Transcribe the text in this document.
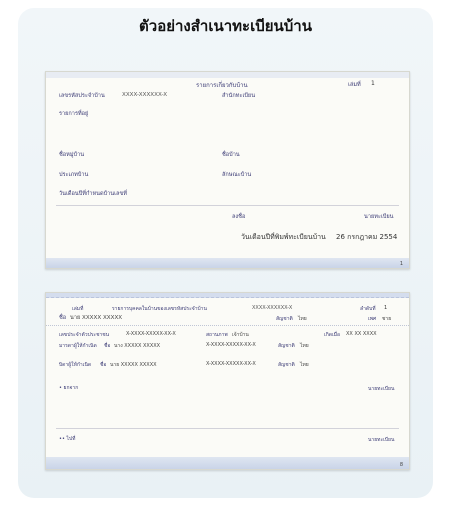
ตัวอย่างสำเนาทะเบียนบ้าน
รายการเกี่ยวกับบ้าน	เล่มที่ 1
เลขรหัสประจำบ้าน	XXXX-XXXXXX-X	สำนักทะเบียน
รายการที่อยู่
ชื่อหมู่บ้าน	ชื่อบ้าน
ประเภทบ้าน	ลักษณะบ้าน
วันเดือนปีที่กำหนดบ้านเลขที่
ลงชื่อ	นายทะเบียน
วันเดือนปีที่พิมพ์ทะเบียนบ้าน 26 กรกฎาคม 2554
1
เล่มที่	รายการบุคคลในบ้านของเลขรหัสประจำบ้าน	XXXX-XXXXXX-X	ลำดับที่ 1
ชื่อ นาย XXXXX XXXXX	สัญชาติ ไทย	เพศ ชาย
เลขประจำตัวประชาชน	X-XXXX-XXXXX-XX-X	สถานภาพ เจ้าบ้าน	เกิดเมื่อ XX XX XXXX
มารดาผู้ให้กำเนิด ชื่อ นาง XXXXX XXXXX	X-XXXX-XXXXX-XX-X	สัญชาติ ไทย
บิดาผู้ให้กำเนิด ชื่อ นาย XXXXX XXXXX	X-XXXX-XXXXX-XX-X	สัญชาติ ไทย
• ยกจาก	นายทะเบียน
•• ไปที่	นายทะเบียน
8
